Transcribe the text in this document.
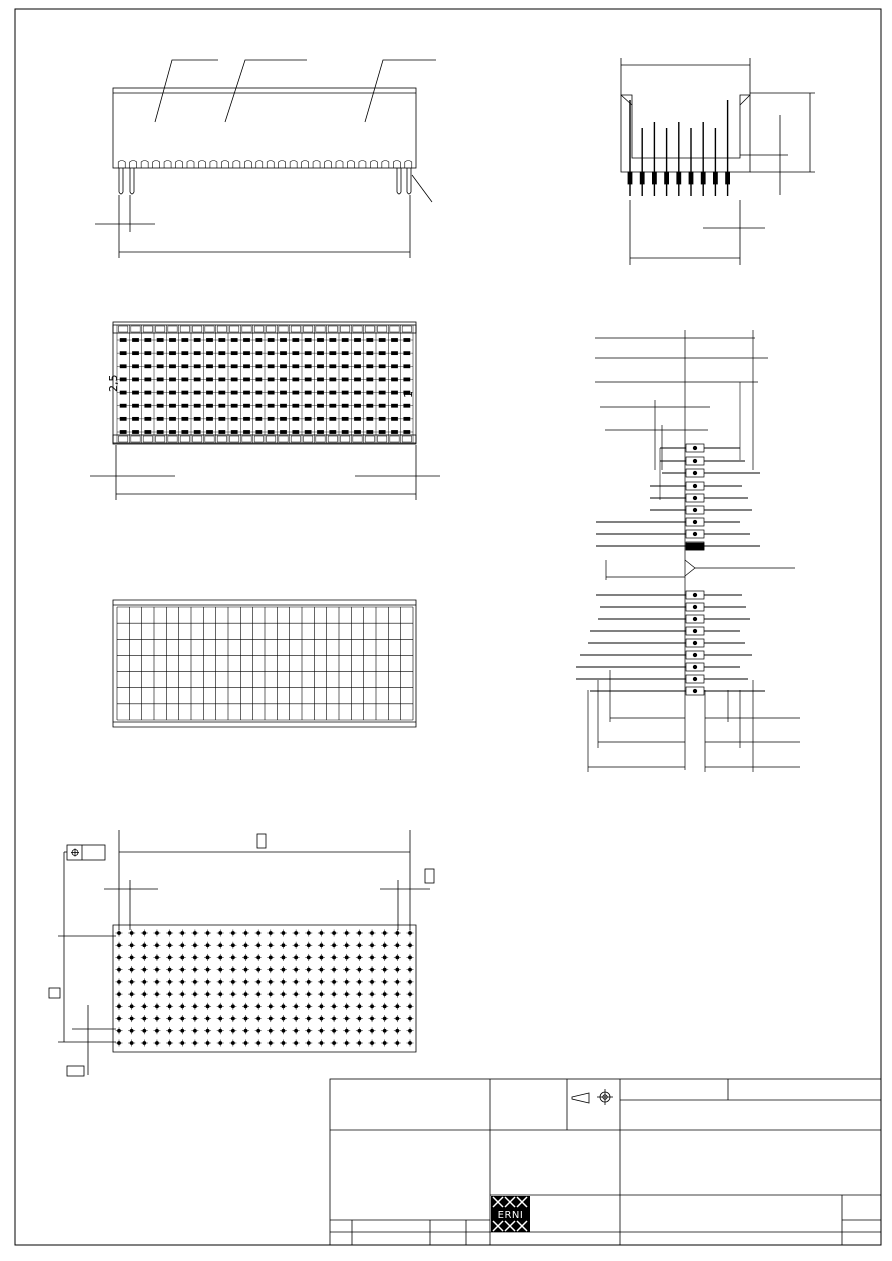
2,5
1
ERNI
